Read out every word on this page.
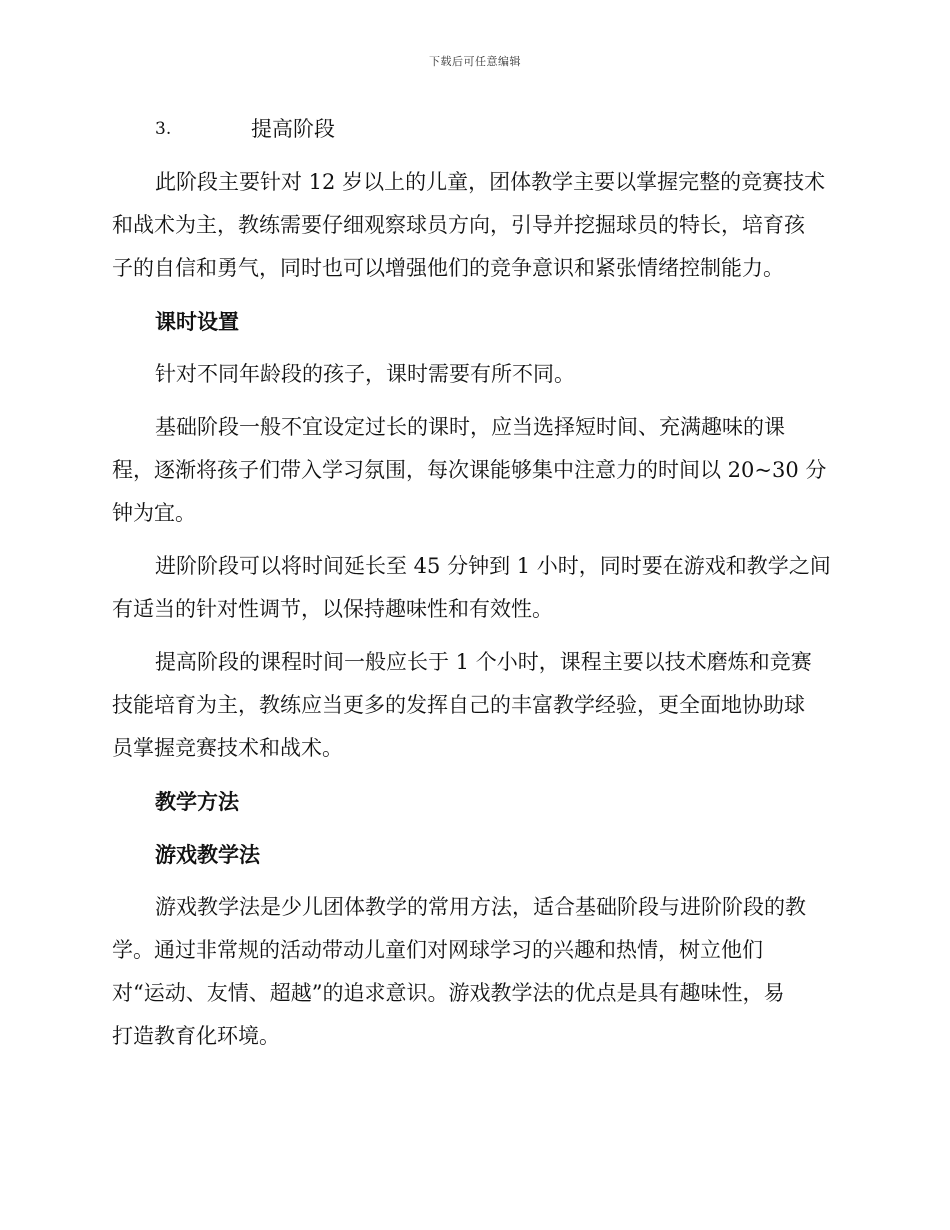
下载后可任意编辑
3.	提高阶段
此阶段主要针对 12 岁以上的儿童，团体教学主要以掌握完整的竞赛技术
和战术为主，教练需要仔细观察球员方向，引导并挖掘球员的特长，培育孩
子的自信和勇气，同时也可以增强他们的竞争意识和紧张情绪控制能力。
课时设置
针对不同年龄段的孩子，课时需要有所不同。
基础阶段一般不宜设定过长的课时，应当选择短时间、充满趣味的课
程，逐渐将孩子们带入学习氛围，每次课能够集中注意力的时间以 20~30 分
钟为宜。
进阶阶段可以将时间延长至 45 分钟到 1 小时，同时要在游戏和教学之间
有适当的针对性调节，以保持趣味性和有效性。
提高阶段的课程时间一般应长于 1 个小时，课程主要以技术磨炼和竞赛
技能培育为主，教练应当更多的发挥自己的丰富教学经验，更全面地协助球
员掌握竞赛技术和战术。
教学方法
游戏教学法
游戏教学法是少儿团体教学的常用方法，适合基础阶段与进阶阶段的教
学。通过非常规的活动带动儿童们对网球学习的兴趣和热情，树立他们
对“运动、友情、超越”的追求意识。游戏教学法的优点是具有趣味性，易
打造教育化环境。
